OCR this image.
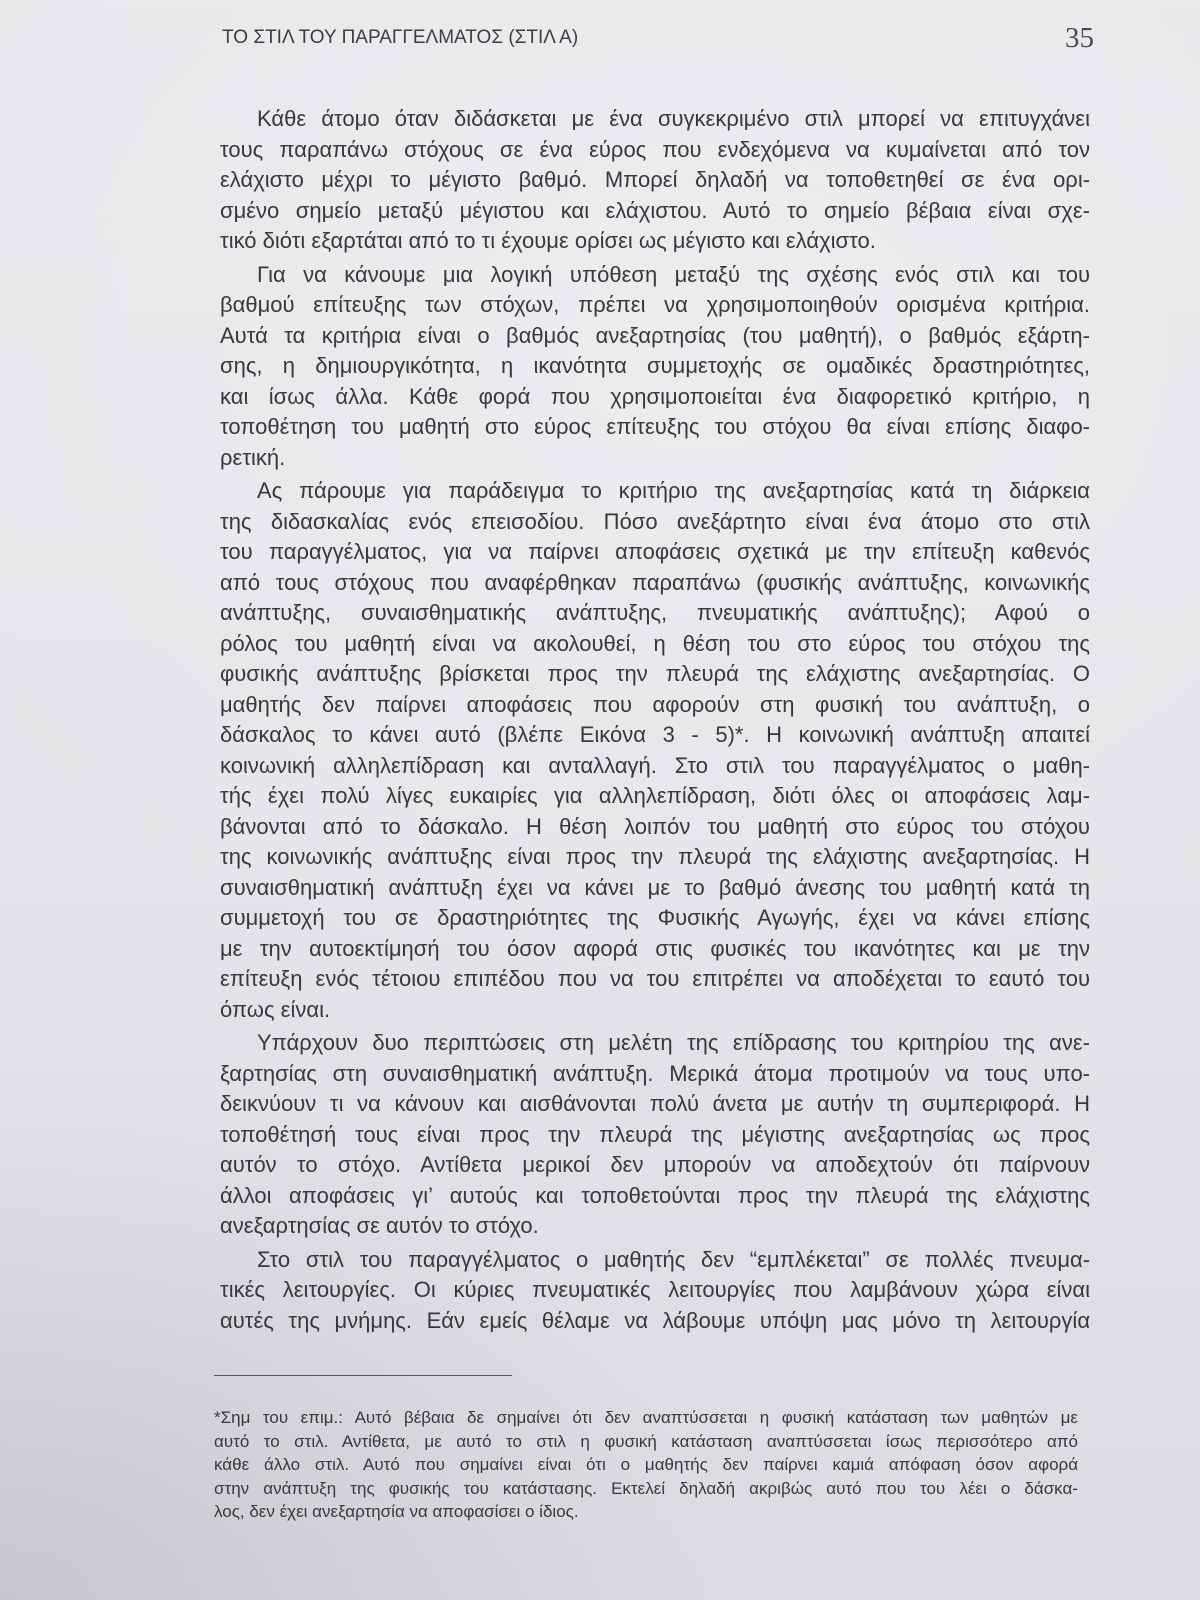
ΤΟ ΣΤΙΛ ΤΟΥ ΠΑΡΑΓΓΕΛΜΑΤΟΣ (ΣΤΙΛ Α)	35
Κάθε άτομο όταν διδάσκεται με ένα συγκεκριμένο στιλ μπορεί να επιτυγχάνει
τους παραπάνω στόχους σε ένα εύρος που ενδεχόμενα να κυμαίνεται από τον
ελάχιστο μέχρι το μέγιστο βαθμό. Μπορεί δηλαδή να τοποθετηθεί σε ένα ορι-
σμένο σημείο μεταξύ μέγιστου και ελάχιστου. Αυτό το σημείο βέβαια είναι σχε-
τικό διότι εξαρτάται από το τι έχουμε ορίσει ως μέγιστο και ελάχιστο.
Για να κάνουμε μια λογική υπόθεση μεταξύ της σχέσης ενός στιλ και του
βαθμού επίτευξης των στόχων, πρέπει να χρησιμοποιηθούν ορισμένα κριτήρια.
Αυτά τα κριτήρια είναι ο βαθμός ανεξαρτησίας (του μαθητή), ο βαθμός εξάρτη-
σης, η δημιουργικότητα, η ικανότητα συμμετοχής σε ομαδικές δραστηριότητες,
και ίσως άλλα. Κάθε φορά που χρησιμοποιείται ένα διαφορετικό κριτήριο, η
τοποθέτηση του μαθητή στο εύρος επίτευξης του στόχου θα είναι επίσης διαφο-
ρετική.
Ας πάρουμε για παράδειγμα το κριτήριο της ανεξαρτησίας κατά τη διάρκεια
της διδασκαλίας ενός επεισοδίου. Πόσο ανεξάρτητο είναι ένα άτομο στο στιλ
του παραγγέλματος, για να παίρνει αποφάσεις σχετικά με την επίτευξη καθενός
από τους στόχους που αναφέρθηκαν παραπάνω (φυσικής ανάπτυξης, κοινωνικής
ανάπτυξης, συναισθηματικής ανάπτυξης, πνευματικής ανάπτυξης); Αφού ο
ρόλος του μαθητή είναι να ακολουθεί, η θέση του στο εύρος του στόχου της
φυσικής ανάπτυξης βρίσκεται προς την πλευρά της ελάχιστης ανεξαρτησίας. Ο
μαθητής δεν παίρνει αποφάσεις που αφορούν στη φυσική του ανάπτυξη, ο
δάσκαλος το κάνει αυτό (βλέπε Εικόνα 3 - 5)*. Η κοινωνική ανάπτυξη απαιτεί
κοινωνική αλληλεπίδραση και ανταλλαγή. Στο στιλ του παραγγέλματος ο μαθη-
τής έχει πολύ λίγες ευκαιρίες για αλληλεπίδραση, διότι όλες οι αποφάσεις λαμ-
βάνονται από το δάσκαλο. Η θέση λοιπόν του μαθητή στο εύρος του στόχου
της κοινωνικής ανάπτυξης είναι προς την πλευρά της ελάχιστης ανεξαρτησίας. Η
συναισθηματική ανάπτυξη έχει να κάνει με το βαθμό άνεσης του μαθητή κατά τη
συμμετοχή του σε δραστηριότητες της Φυσικής Αγωγής, έχει να κάνει επίσης
με την αυτοεκτίμησή του όσον αφορά στις φυσικές του ικανότητες και με την
επίτευξη ενός τέτοιου επιπέδου που να του επιτρέπει να αποδέχεται το εαυτό του
όπως είναι.
Υπάρχουν δυο περιπτώσεις στη μελέτη της επίδρασης του κριτηρίου της ανε-
ξαρτησίας στη συναισθηματική ανάπτυξη. Μερικά άτομα προτιμούν να τους υπο-
δεικνύουν τι να κάνουν και αισθάνονται πολύ άνετα με αυτήν τη συμπεριφορά. Η
τοποθέτησή τους είναι προς την πλευρά της μέγιστης ανεξαρτησίας ως προς
αυτόν το στόχο. Αντίθετα μερικοί δεν μπορούν να αποδεχτούν ότι παίρνουν
άλλοι αποφάσεις γι’ αυτούς και τοποθετούνται προς την πλευρά της ελάχιστης
ανεξαρτησίας σε αυτόν το στόχο.
Στο στιλ του παραγγέλματος ο μαθητής δεν “εμπλέκεται” σε πολλές πνευμα-
τικές λειτουργίες. Οι κύριες πνευματικές λειτουργίες που λαμβάνουν χώρα είναι
αυτές της μνήμης. Εάν εμείς θέλαμε να λάβουμε υπόψη μας μόνο τη λειτουργία
*Σημ του επιμ.: Αυτό βέβαια δε σημαίνει ότι δεν αναπτύσσεται η φυσική κατάσταση των μαθητών με
αυτό το στιλ. Αντίθετα, με αυτό το στιλ η φυσική κατάσταση αναπτύσσεται ίσως περισσότερο από
κάθε άλλο στιλ. Αυτό που σημαίνει είναι ότι ο μαθητής δεν παίρνει καμιά απόφαση όσον αφορά
στην ανάπτυξη της φυσικής του κατάστασης. Εκτελεί δηλαδή ακριβώς αυτό που του λέει ο δάσκα-
λος, δεν έχει ανεξαρτησία να αποφασίσει ο ίδιος.
